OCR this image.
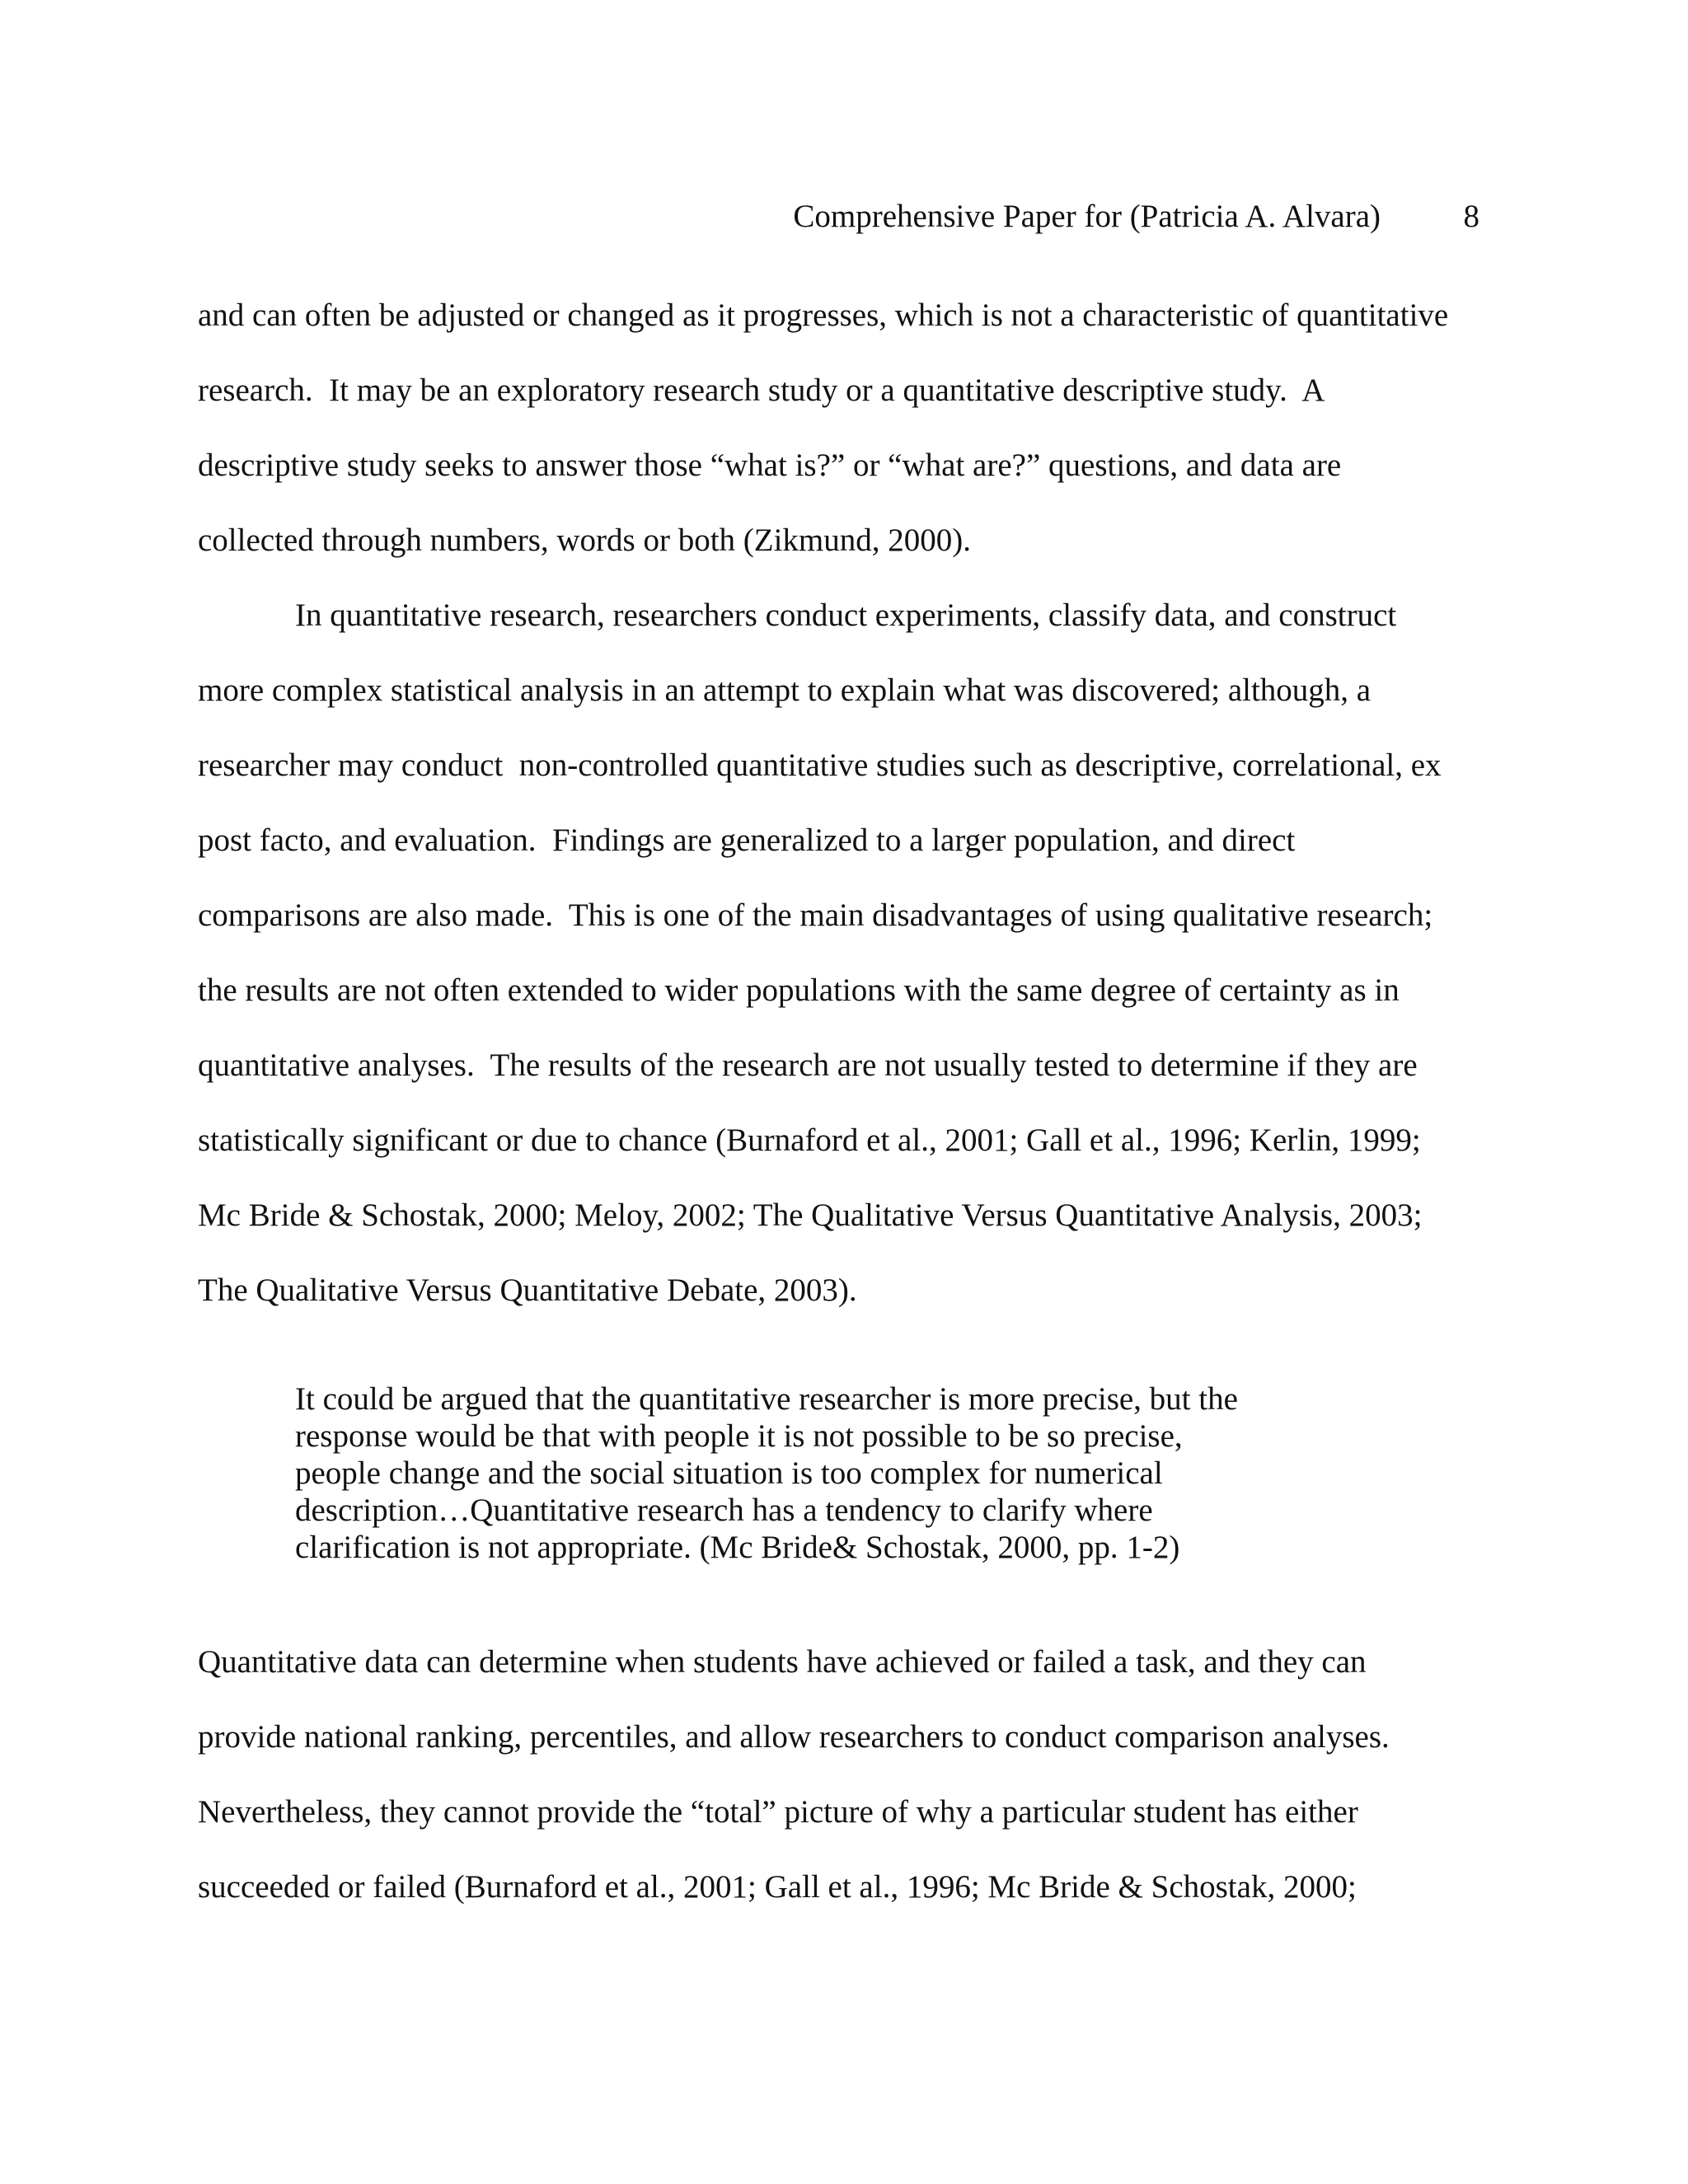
Comprehensive Paper for (Patricia A. Alvara)	8
and can often be adjusted or changed as it progresses, which is not a characteristic of quantitative
research.  It may be an exploratory research study or a quantitative descriptive study.  A
descriptive study seeks to answer those “what is?” or “what are?” questions, and data are
collected through numbers, words or both (Zikmund, 2000).
In quantitative research, researchers conduct experiments, classify data, and construct
more complex statistical analysis in an attempt to explain what was discovered; although, a
researcher may conduct  non-controlled quantitative studies such as descriptive, correlational, ex
post facto, and evaluation.  Findings are generalized to a larger population, and direct
comparisons are also made.  This is one of the main disadvantages of using qualitative research;
the results are not often extended to wider populations with the same degree of certainty as in
quantitative analyses.  The results of the research are not usually tested to determine if they are
statistically significant or due to chance (Burnaford et al., 2001; Gall et al., 1996; Kerlin, 1999;
Mc Bride & Schostak, 2000; Meloy, 2002; The Qualitative Versus Quantitative Analysis, 2003;
The Qualitative Versus Quantitative Debate, 2003).
It could be argued that the quantitative researcher is more precise, but the
response would be that with people it is not possible to be so precise,
people change and the social situation is too complex for numerical
description…Quantitative research has a tendency to clarify where
clarification is not appropriate. (Mc Bride& Schostak, 2000, pp. 1-2)
Quantitative data can determine when students have achieved or failed a task, and they can
provide national ranking, percentiles, and allow researchers to conduct comparison analyses.
Nevertheless, they cannot provide the “total” picture of why a particular student has either
succeeded or failed (Burnaford et al., 2001; Gall et al., 1996; Mc Bride & Schostak, 2000;
